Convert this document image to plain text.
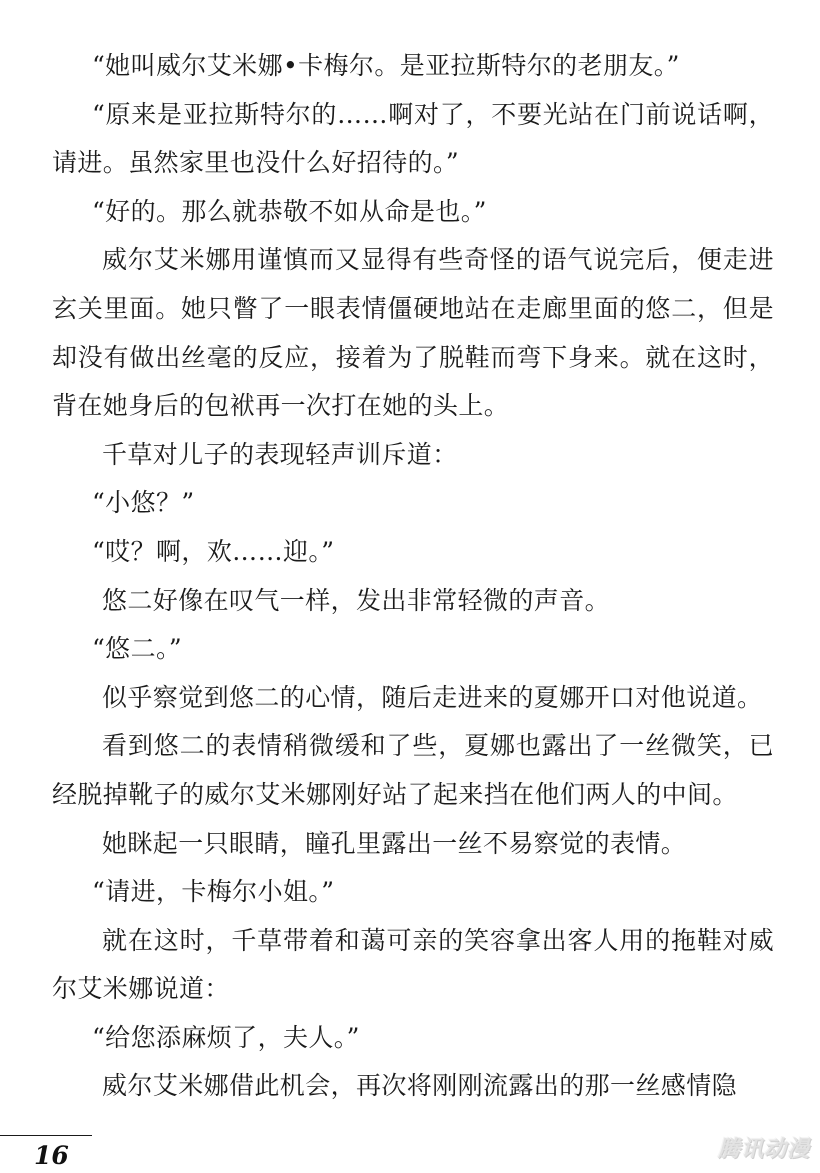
“她叫威尔艾米娜•卡梅尔。是亚拉斯特尔的老朋友。”

“原来是亚拉斯特尔的……啊对了，不要光站在门前说话啊，请进。虽然家里也没什么好招待的。”

“好的。那么就恭敬不如从命是也。”

威尔艾米娜用谨慎而又显得有些奇怪的语气说完后，便走进玄关里面。她只瞥了一眼表情僵硬地站在走廊里面的悠二，但是却没有做出丝毫的反应，接着为了脱鞋而弯下身来。就在这时，背在她身后的包袱再一次打在她的头上。

千草对儿子的表现轻声训斥道：

“小悠？”

“哎？啊，欢……迎。”

悠二好像在叹气一样，发出非常轻微的声音。

“悠二。”

似乎察觉到悠二的心情，随后走进来的夏娜开口对他说道。

看到悠二的表情稍微缓和了些，夏娜也露出了一丝微笑，已经脱掉靴子的威尔艾米娜刚好站了起来挡在他们两人的中间。

她眯起一只眼睛，瞳孔里露出一丝不易察觉的表情。

“请进，卡梅尔小姐。”

就在这时，千草带着和蔼可亲的笑容拿出客人用的拖鞋对威尔艾米娜说道：

“给您添麻烦了，夫人。”

威尔艾米娜借此机会，再次将刚刚流露出的那一丝感情隐

16	腾讯动漫
